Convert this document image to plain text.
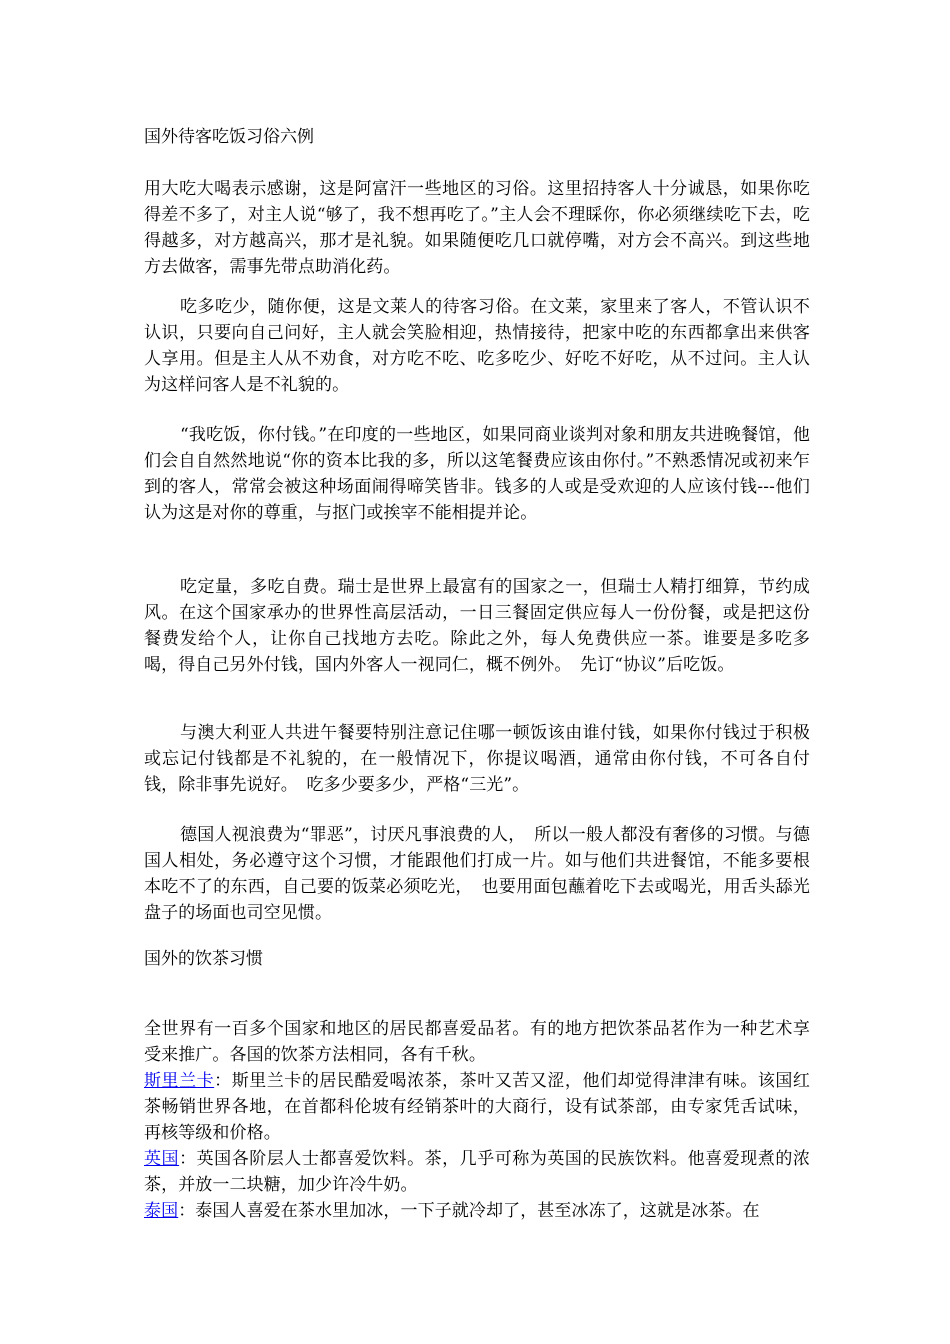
国外待客吃饭习俗六例
用大吃大喝表示感谢，这是阿富汗一些地区的习俗。这里招持客人十分诚恳，如果你吃得差不多了，对主人说“够了，我不想再吃了。”主人会不理睬你，你必须继续吃下去，吃得越多，对方越高兴，那才是礼貌。如果随便吃几口就停嘴，对方会不高兴。到这些地方去做客，需事先带点助消化药。
吃多吃少，随你便，这是文莱人的待客习俗。在文莱，家里来了客人，不管认识不认识，只要向自己问好，主人就会笑脸相迎，热情接待，把家中吃的东西都拿出来供客人享用。但是主人从不劝食，对方吃不吃、吃多吃少、好吃不好吃，从不过问。主人认为这样问客人是不礼貌的。
“我吃饭，你付钱。”在印度的一些地区，如果同商业谈判对象和朋友共进晚餐馆，他们会自自然然地说“你的资本比我的多，所以这笔餐费应该由你付。”不熟悉情况或初来乍到的客人，常常会被这种场面闹得啼笑皆非。钱多的人或是受欢迎的人应该付钱---他们认为这是对你的尊重，与抠门或挨宰不能相提并论。
吃定量，多吃自费。瑞士是世界上最富有的国家之一，但瑞士人精打细算，节约成风。在这个国家承办的世界性高层活动，一日三餐固定供应每人一份份餐，或是把这份餐费发给个人，让你自己找地方去吃。除此之外，每人免费供应一茶。谁要是多吃多喝，得自己另外付钱，国内外客人一视同仁，概不例外。　先订“协议”后吃饭。
与澳大利亚人共进午餐要特别注意记住哪一顿饭该由谁付钱，如果你付钱过于积极或忘记付钱都是不礼貌的，在一般情况下，你提议喝酒，通常由你付钱，不可各自付钱，除非事先说好。　吃多少要多少，严格“三光”。
德国人视浪费为“罪恶”，讨厌凡事浪费的人，　所以一般人都没有奢侈的习惯。与德国人相处，务必遵守这个习惯，才能跟他们打成一片。如与他们共进餐馆，不能多要根本吃不了的东西，自己要的饭菜必须吃光，　也要用面包蘸着吃下去或喝光，用舌头舔光盘子的场面也司空见惯。
国外的饮茶习惯

全世界有一百多个国家和地区的居民都喜爱品茗。有的地方把饮茶品茗作为一种艺术享受来推广。各国的饮茶方法相同，各有千秋。

斯里兰卡：斯里兰卡的居民酷爱喝浓茶，茶叶又苦又涩，他们却觉得津津有味。该国红茶畅销世界各地，在首都科伦坡有经销茶叶的大商行，设有试茶部，由专家凭舌试味，再核等级和价格。

英国：英国各阶层人士都喜爱饮料。茶，几乎可称为英国的民族饮料。他喜爱现煮的浓茶，并放一二块糖，加少许冷牛奶。

泰国：泰国人喜爱在茶水里加冰，一下子就冷却了，甚至冰冻了，这就是冰茶。在
